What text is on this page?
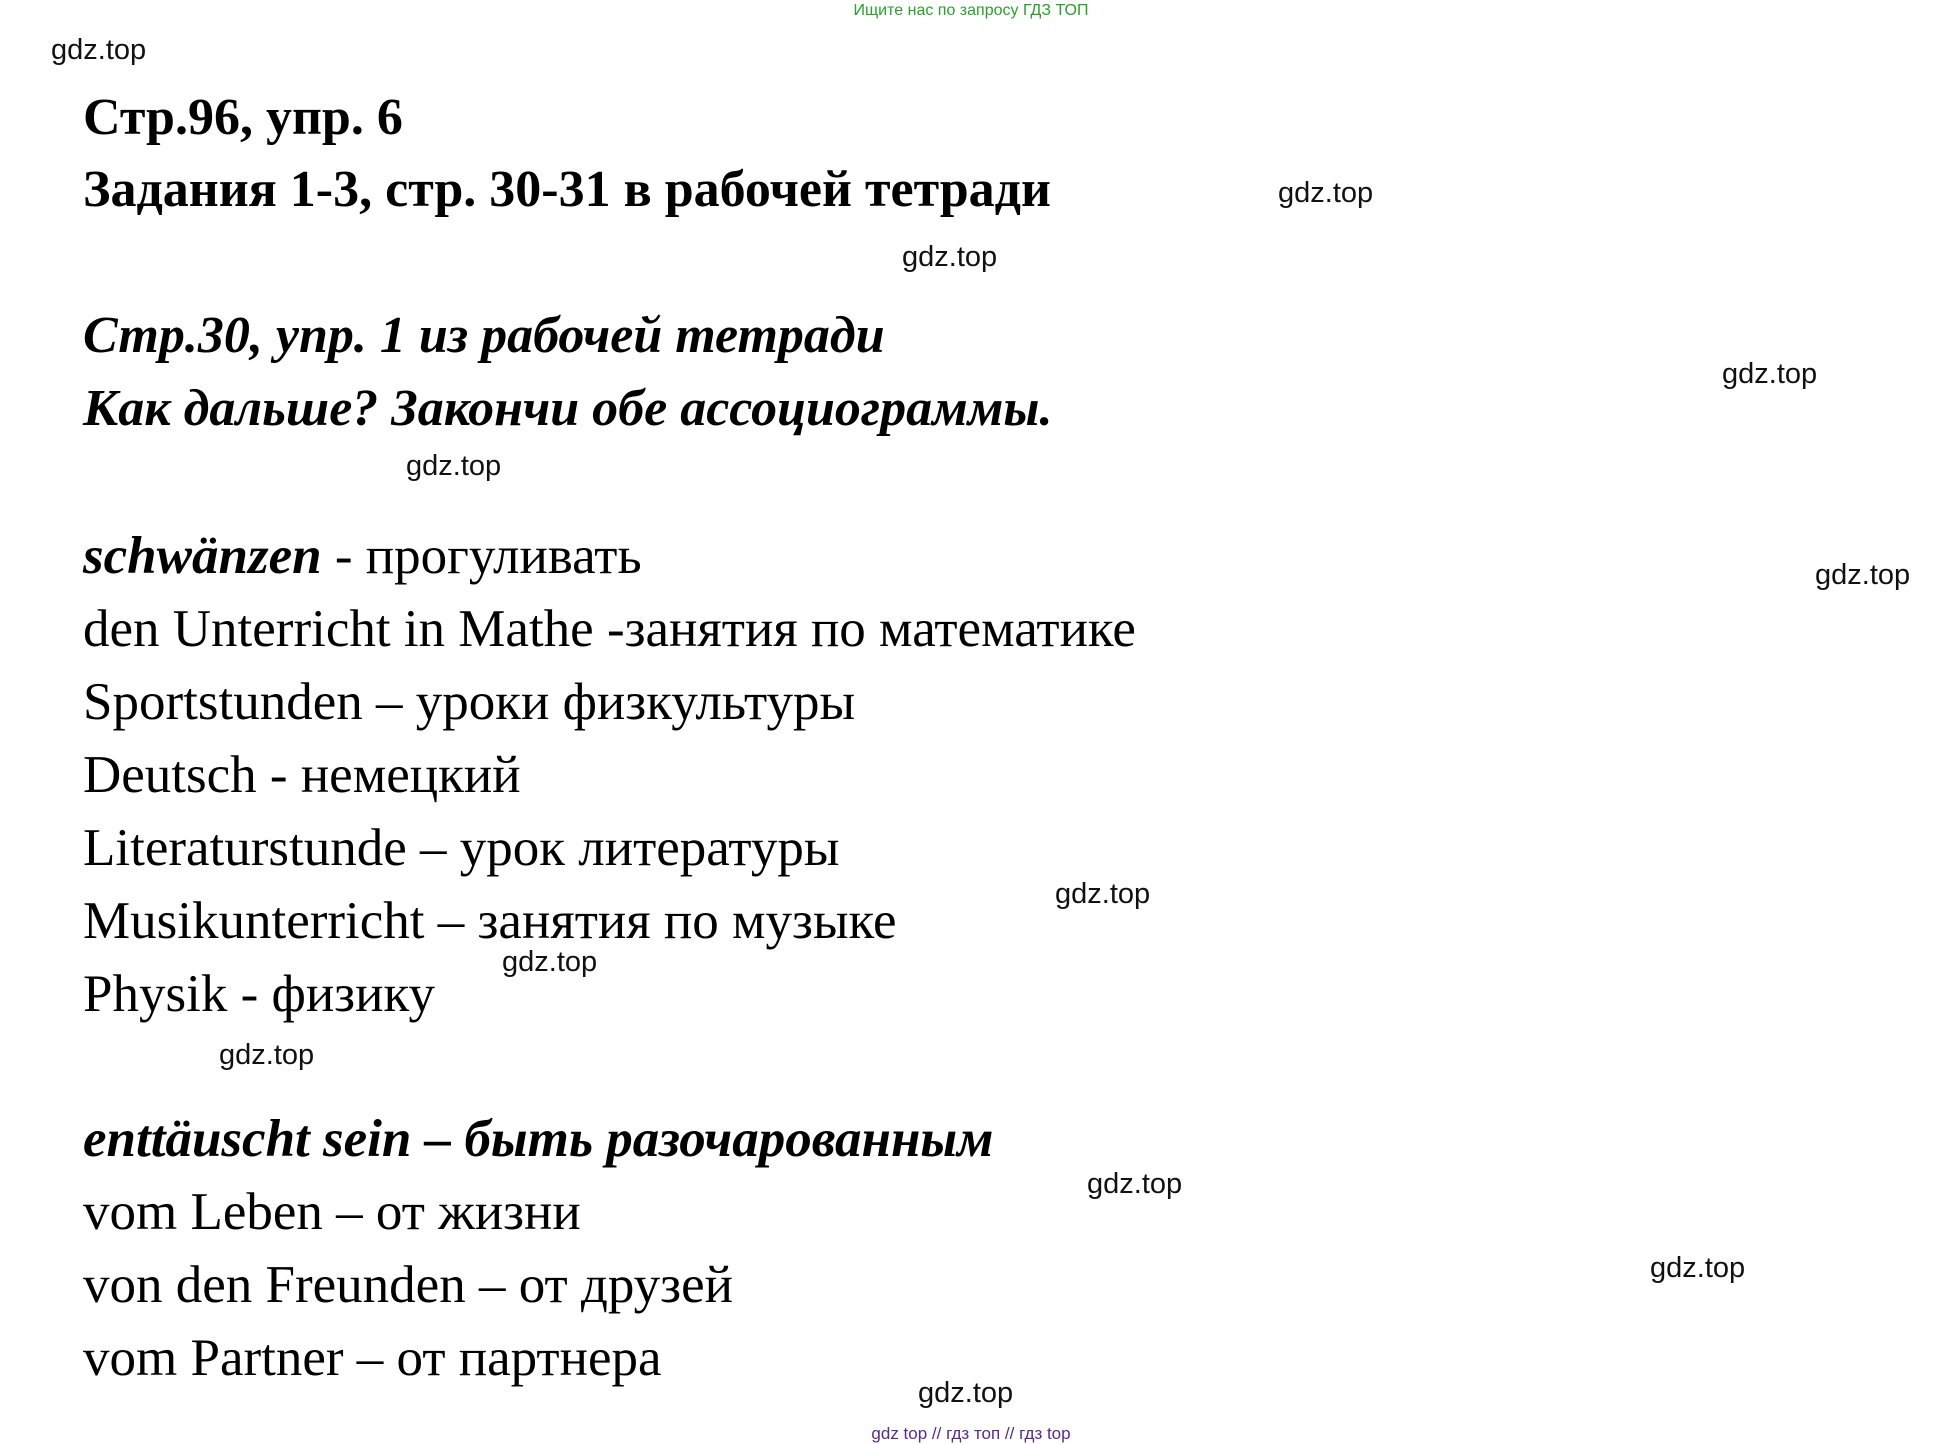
Ищите нас по запросу ГДЗ ТОП
gdz.top
gdz.top
gdz.top
gdz.top
gdz.top
gdz.top
gdz.top
gdz.top
gdz.top
gdz.top
gdz.top
gdz.top
Стр.96, упр. 6
Задания 1-3, стр. 30-31 в рабочей тетради
Стр.30, упр. 1 из рабочей тетради
Как дальше? Закончи обе ассоциограммы.
schwänzen - прогуливать
den Unterricht in Mathe -занятия по математике
Sportstunden – уроки физкультуры
Deutsch - немецкий
Literaturstunde – урок литературы
Musikunterricht – занятия по музыке
Physik - физику
enttäuscht sein – быть разочарованным
vom Leben – от жизни
von den Freunden – от друзей
vom Partner – от партнера
gdz top // гдз топ // гдз top
